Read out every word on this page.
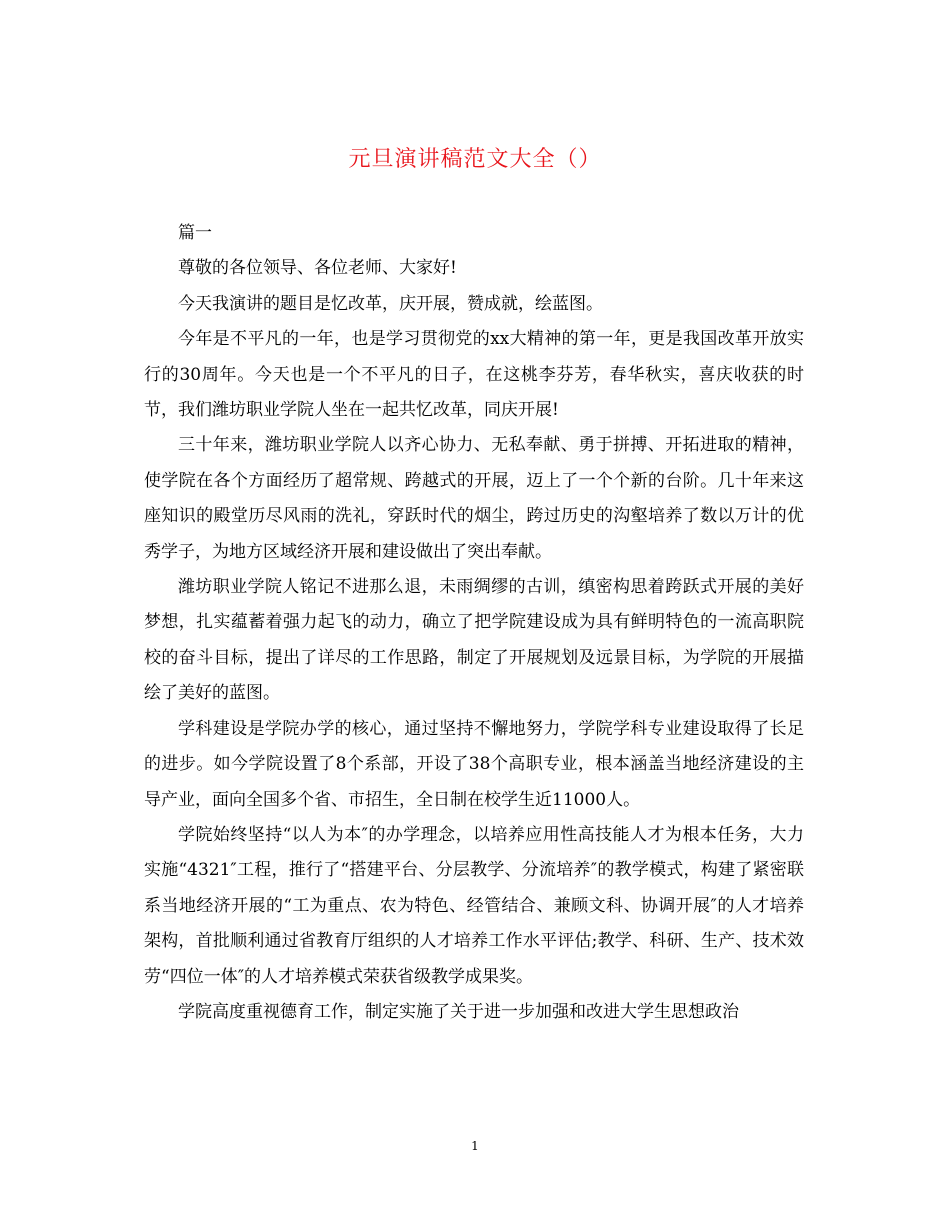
元旦演讲稿范文大全（）

篇一

尊敬的各位领导、各位老师、大家好!

今天我演讲的题目是忆改革，庆开展，赞成就，绘蓝图。

今年是不平凡的一年，也是学习贯彻党的xx大精神的第一年，更是我国改革开放实行的30周年。今天也是一个不平凡的日子，在这桃李芬芳，春华秋实，喜庆收获的时节，我们潍坊职业学院人坐在一起共忆改革，同庆开展!

三十年来，潍坊职业学院人以齐心协力、无私奉献、勇于拼搏、开拓进取的精神，使学院在各个方面经历了超常规、跨越式的开展，迈上了一个个新的台阶。几十年来这座知识的殿堂历尽风雨的洗礼，穿跃时代的烟尘，跨过历史的沟壑培养了数以万计的优秀学子，为地方区域经济开展和建设做出了突出奉献。

潍坊职业学院人铭记不进那么退，未雨绸缪的古训，缜密构思着跨跃式开展的美好梦想，扎实蕴蓄着强力起飞的动力，确立了把学院建设成为具有鲜明特色的一流高职院校的奋斗目标，提出了详尽的工作思路，制定了开展规划及远景目标，为学院的开展描绘了美好的蓝图。

学科建设是学院办学的核心，通过坚持不懈地努力，学院学科专业建设取得了长足的进步。如今学院设置了8个系部，开设了38个高职专业，根本涵盖当地经济建设的主导产业，面向全国多个省、市招生，全日制在校学生近11000人。

学院始终坚持“以人为本″的办学理念，以培养应用性高技能人才为根本任务，大力实施“4321″工程，推行了“搭建平台、分层教学、分流培养″的教学模式，构建了紧密联系当地经济开展的“工为重点、农为特色、经管结合、兼顾文科、协调开展″的人才培养架构，首批顺利通过省教育厅组织的人才培养工作水平评估;教学、科研、生产、技术效劳“四位一体″的人才培养模式荣获省级教学成果奖。

学院高度重视德育工作，制定实施了关于进一步加强和改进大学生思想政治

1
